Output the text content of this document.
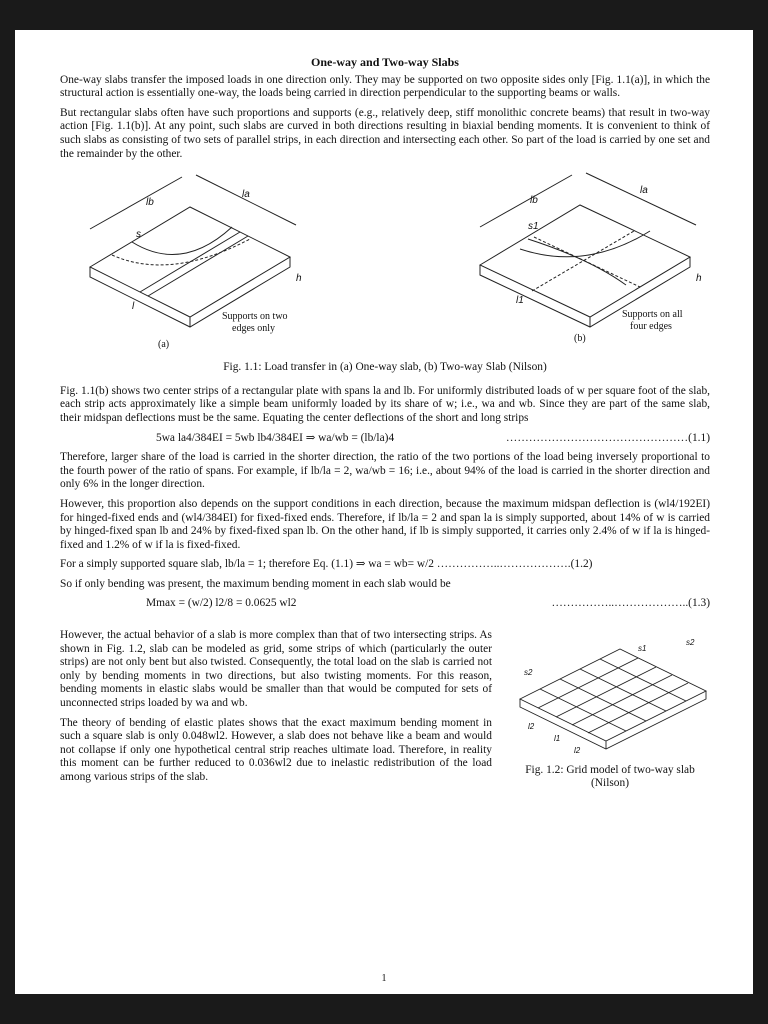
One-way and Two-way Slabs

One-way slabs transfer the imposed loads in one direction only. They may be supported on two opposite sides only [Fig. 1.1(a)], in which the structural action is essentially one-way, the loads being carried in direction perpendicular to the supporting beams or walls.

But rectangular slabs often have such proportions and supports (e.g., relatively deep, stiff monolithic concrete beams) that result in two-way action [Fig. 1.1(b)]. At any point, such slabs are curved in both directions resulting in biaxial bending moments. It is convenient to think of such slabs as consisting of two sets of parallel strips, in each direction and intersecting each other. So part of the load is carried by one set and the remainder by the other.

lb
la
s
h
l
lb
la
s1
h
l1
Supports on two
edges only
(a)
Supports on all
four edges
(b)
Fig. 1.1: Load transfer in (a) One-way slab, (b) Two-way Slab (Nilson)

Fig. 1.1(b) shows two center strips of a rectangular plate with spans la and lb. For uniformly distributed loads of w per square foot of the slab, each strip acts approximately like a simple beam uniformly loaded by its share of w; i.e., wa and wb. Since they are part of the same slab, their midspan deflections must be the same. Equating the center deflections of the short and long strips

5wa la4/384EI = 5wb lb4/384EI ⇒ wa/wb = (lb/la)4	…………………………………………(1.1)

Therefore, larger share of the load is carried in the shorter direction, the ratio of the two portions of the load being inversely proportional to the fourth power of the ratio of spans. For example, if lb/la = 2, wa/wb = 16; i.e., about 94% of the load is carried in the shorter direction and only 6% in the longer direction.

However, this proportion also depends on the support conditions in each direction, because the maximum midspan deflection is (wl4/192EI) for hinged-fixed ends and (wl4/384EI) for fixed-fixed ends. Therefore, if lb/la = 2 and span la is simply supported, about 14% of w is carried by hinged-fixed span lb and 24% by fixed-fixed span lb. On the other hand, if lb is simply supported, it carries only 2.4% of w if la is hinged-fixed and 1.2% of w if la is fixed-fixed.

For a simply supported square slab, lb/la = 1; therefore Eq. (1.1) ⇒ wa = wb= w/2 ……………..……………….(1.2)

So if only bending was present, the maximum bending moment in each slab would be

Mmax = (w/2) l2/8 = 0.0625 wl2	……………..………………..(1.3)

However, the actual behavior of a slab is more complex than that of two intersecting strips. As shown in Fig. 1.2, slab can be modeled as grid, some strips of which (particularly the outer strips) are not only bent but also twisted. Consequently, the total load on the slab is carried not only by bending moments in two directions, but also twisting moments. For this reason, bending moments in elastic slabs would be smaller than that would be computed for sets of unconnected strips loaded by wa and wb.

The theory of bending of elastic plates shows that the exact maximum bending moment in such a square slab is only 0.048wl2. However, a slab does not behave like a beam and would not collapse if only one hypothetical central strip reaches ultimate load. Therefore, in reality this moment can be further reduced to 0.036wl2 due to inelastic redistribution of the load among various strips of the slab.

s2
s1
s2
l2
l1
l2
Fig. 1.2: Grid model of two-way slab
(Nilson)
1
